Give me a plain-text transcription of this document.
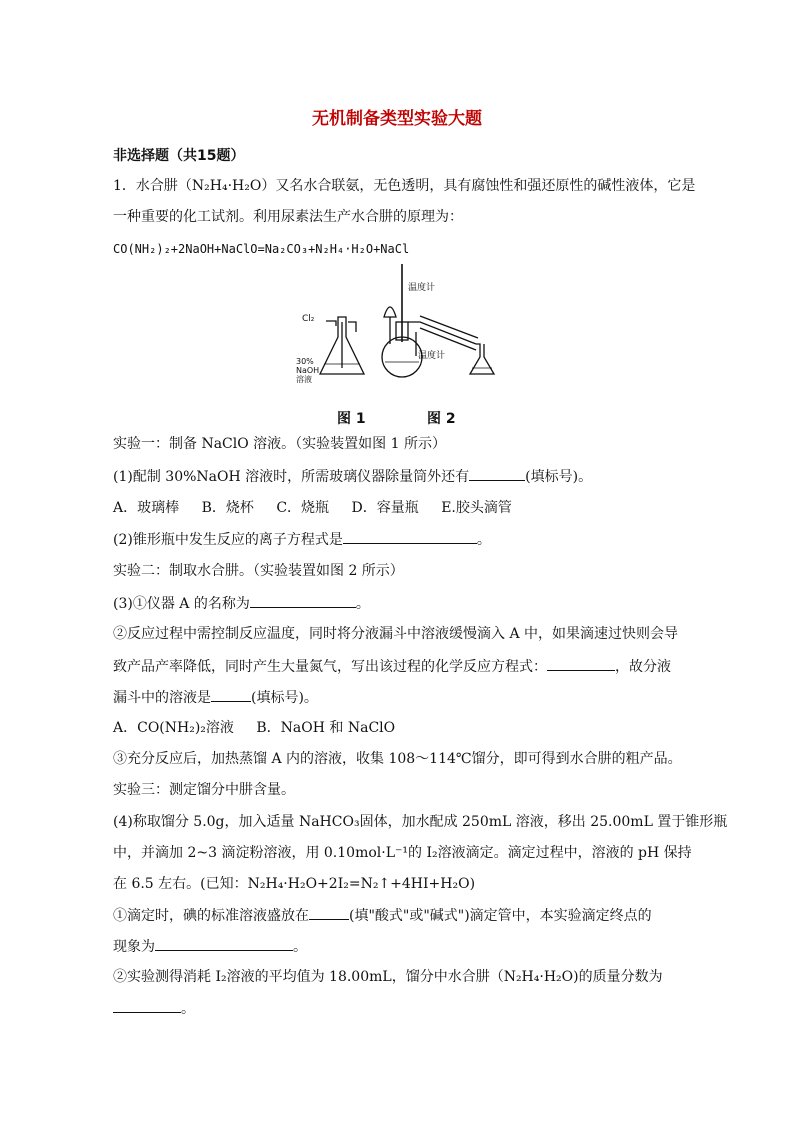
无机制备类型实验大题
非选择题（共15题）
1．水合肼（N₂H₄·H₂O）又名水合联氨，无色透明，具有腐蚀性和强还原性的碱性液体，它是
一种重要的化工试剂。利用尿素法生产水合肼的原理为：
CO(NH₂)₂+2NaOH+NaClO=Na₂CO₃+N₂H₄·H₂O+NaCl
Cl₂
30%
NaOH
溶液
温度计
温度计
图 1	图 2
实验一：制备 NaClO 溶液。（实验装置如图 1 所示）
(1)配制 30%NaOH 溶液时，所需玻璃仪器除量筒外还有	(填标号)。
A．玻璃棒 B．烧杯 C．烧瓶 D．容量瓶 E.胶头滴管
(2)锥形瓶中发生反应的离子方程式是	。
实验二：制取水合肼。（实验装置如图 2 所示）
(3)①仪器 A 的名称为	。
②反应过程中需控制反应温度，同时将分液漏斗中溶液缓慢滴入 A 中，如果滴速过快则会导
致产品产率降低，同时产生大量氮气，写出该过程的化学反应方程式：	，故分液
漏斗中的溶液是	(填标号)。
A．CO(NH₂)₂溶液 B．NaOH 和 NaClO
③充分反应后，加热蒸馏 A 内的溶液，收集 108～114℃馏分，即可得到水合肼的粗产品。
实验三：测定馏分中肼含量。
(4)称取馏分 5.0g，加入适量 NaHCO₃固体，加水配成 250mL 溶液，移出 25.00mL 置于锥形瓶
中，并滴加 2~3 滴淀粉溶液，用 0.10mol·L⁻¹的 I₂溶液滴定。滴定过程中，溶液的 pH 保持
在 6.5 左右。(已知：N₂H₄·H₂O+2I₂=N₂↑+4HI+H₂O)
①滴定时，碘的标准溶液盛放在	(填"酸式"或"碱式")滴定管中，本实验滴定终点的
现象为	。
②实验测得消耗 I₂溶液的平均值为 18.00mL，馏分中水合肼（N₂H₄·H₂O)的质量分数为
。
